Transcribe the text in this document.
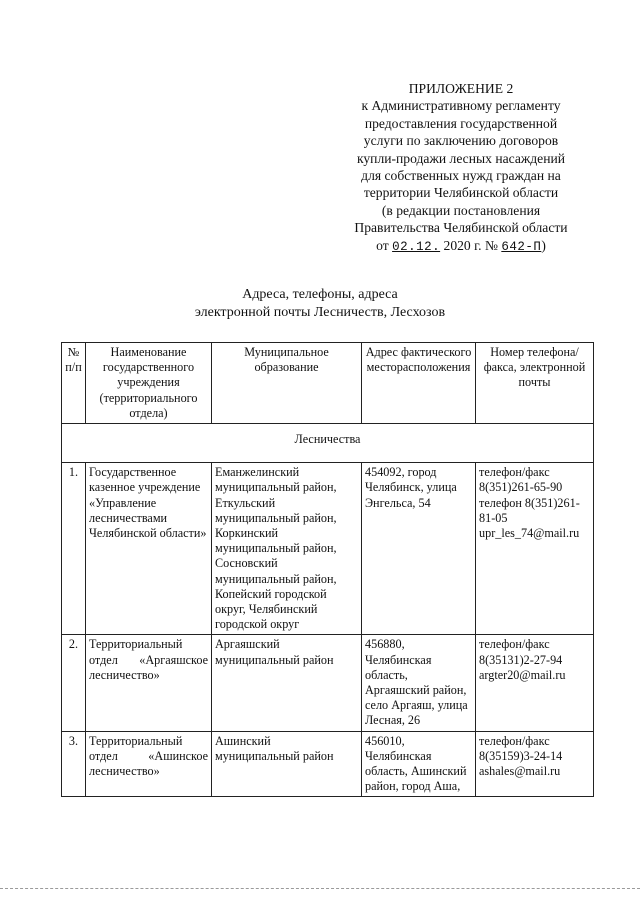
ПРИЛОЖЕНИЕ 2
к Административному регламенту
предоставления государственной
услуги по заключению договоров
купли-продажи лесных насаждений
для собственных нужд граждан на
территории Челябинской области
(в редакции постановления
Правительства Челябинской области
от 02.12. 2020 г. № 642-П)
Адреса, телефоны, адреса
электронной почты Лесничеств, Лесхозов
№ п/п	Наименование государственного учреждения (территориального отдела)	Муниципальное образование	Адрес фактического месторасположения	Номер телефона/факса, электронной почты
Лесничества				
1.	Государственное казенное учреждение «Управление лесничествами Челябинской области»	Еманжелинский муниципальный район, Еткульский муниципальный район, Коркинский муниципальный район, Сосновский муниципальный район, Копейский городской округ, Челябинский городской округ	454092, город Челябинск, улица Энгельса, 54	телефон/факс 8(351)261-65-90 телефон 8(351)261-81-05 upr_les_74@mail.ru
2.	Территориальный отдел «Аргаяшское лесничество»	Аргаяшский муниципальный район	456880, Челябинская область, Аргаяшский район, село Аргаяш, улица Лесная, 26	телефон/факс 8(35131)2-27-94 argter20@mail.ru
3.	Территориальный отдел «Ашинское лесничество»	Ашинский муниципальный район	456010, Челябинская область, Ашинский район, город Аша,	телефон/факс 8(35159)3-24-14 ashales@mail.ru
